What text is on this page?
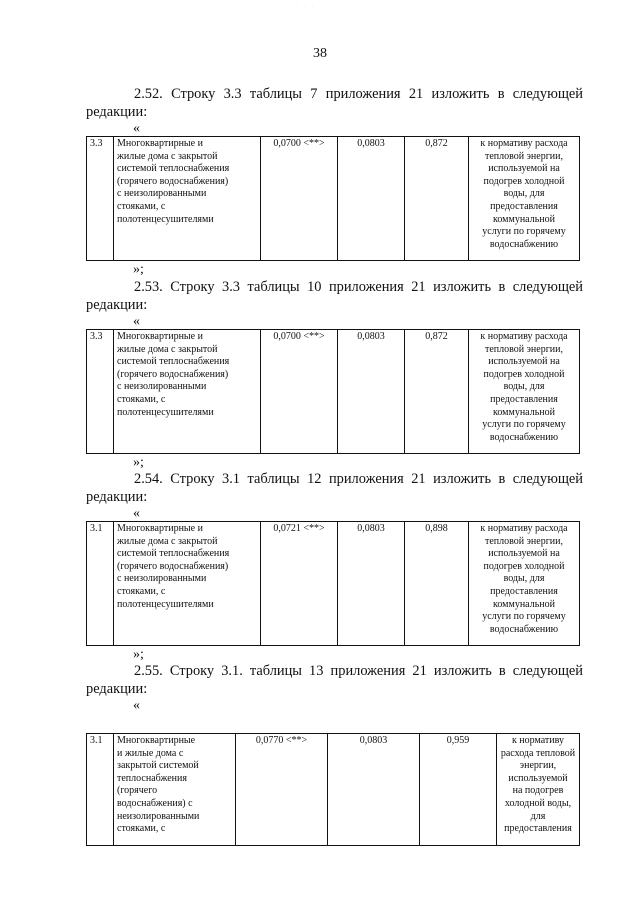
· · ˙ ·˙˙ · ·˙·
38
2.52. Строку 3.3 таблицы 7 приложения 21 изложить в следующей
редакции:
«
3.3	Многоквартирные и
жилые дома с закрытой
системой теплоснабжения
(горячего водоснабжения)
с неизолированными
стояками, с
полотенцесушителями
	0,0700 <**>	0,0803	0,872	к нормативу расхода
тепловой энергии,
используемой на
подогрев холодной
воды, для
предоставления
коммунальной
услуги по горячему
водоснабжению
»;
2.53. Строку 3.3 таблицы 10 приложения 21 изложить в следующей
редакции:
«
3.3	Многоквартирные и
жилые дома с закрытой
системой теплоснабжения
(горячего водоснабжения)
с неизолированными
стояками, с
полотенцесушителями
	0,0700 <**>	0,0803	0,872	к нормативу расхода
тепловой энергии,
используемой на
подогрев холодной
воды, для
предоставления
коммунальной
услуги по горячему
водоснабжению
»;
2.54. Строку 3.1 таблицы 12 приложения 21 изложить в следующей
редакции:
«
3.1	Многоквартирные и
жилые дома с закрытой
системой теплоснабжения
(горячего водоснабжения)
с неизолированными
стояками, с
полотенцесушителями
	0,0721 <**>	0,0803	0,898	к нормативу расхода
тепловой энергии,
используемой на
подогрев холодной
воды, для
предоставления
коммунальной
услуги по горячему
водоснабжению
»;
2.55. Строку 3.1. таблицы 13 приложения 21 изложить в следующей
редакции:
«
3.1	Многоквартирные
и жилые дома с
закрытой системой
теплоснабжения
(горячего
водоснабжения) с
неизолированными
стояками, с
	0,0770 <**>	0,0803	0,959	к нормативу
расхода тепловой
энергии,
используемой
на подогрев
холодной воды,
для
предоставления
